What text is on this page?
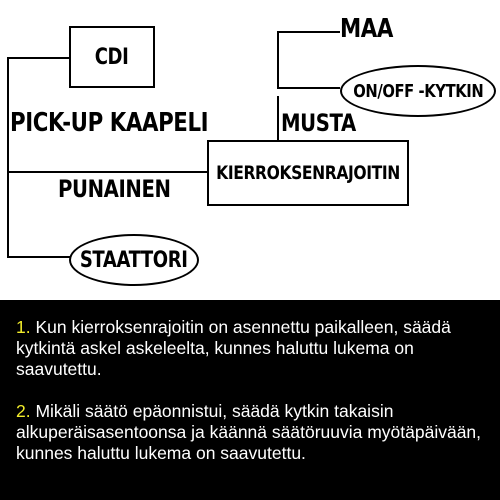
CDI
KIERROKSENRAJOITIN
ON/OFF -KYTKIN
STAATTORI
MAA
MUSTA
PICK-UP KAAPELI
PUNAINEN
1. Kun kierroksenrajoitin on asennettu paikalleen, säädä kytkintä askel askeleelta, kunnes haluttu lukema on saavutettu.
2. Mikäli säätö epäonnistui, säädä kytkin takaisin alkuperäisasentoonsa ja käännä säätöruuvia myötäpäivään, kunnes haluttu lukema on saavutettu.
